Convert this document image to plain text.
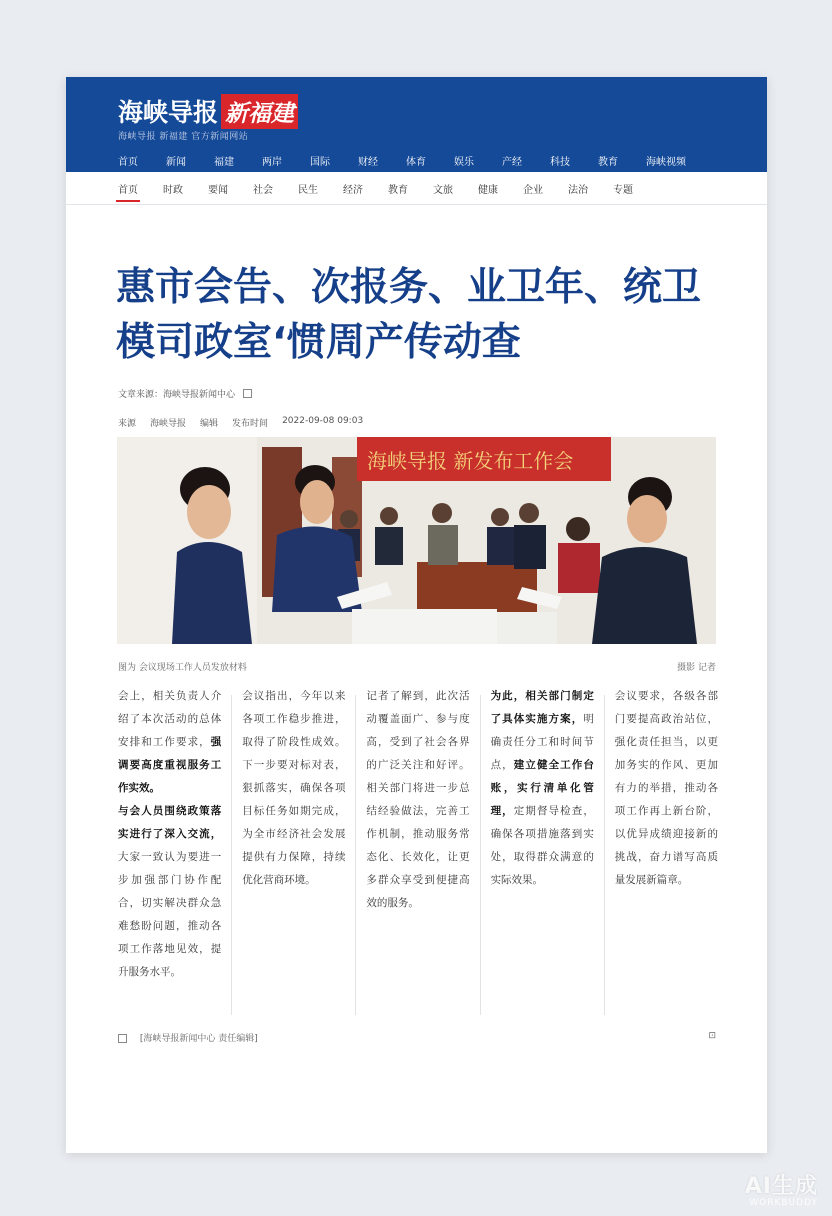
海峡导报 新福建
海峡导报 新福建 官方新闻网站
首页	新闻	福建	两岸	国际	财经	体育	娱乐	产经	科技	教育	海峡视频
首页	时政	要闻	社会	民生	经济	教育	文旅	健康	企业	法治	专题
惠市会告、次报务、业卫年、统卫模司政室‘惯周产传动查
文章来源：海峡导报新闻中心
来源 海峡导报 编辑 发布时间 2022-09-08 09:03
海峡导报 新发布工作会
图为 会议现场工作人员发放材料	摄影 记者
会上，相关负责人介绍了本次活动的总体安排和工作要求，强调要高度重视服务工作实效。

与会人员围绕政策落实进行了深入交流，大家一致认为要进一步加强部门协作配合，切实解决群众急难愁盼问题，推动各项工作落地见效，提升服务水平。

会议指出，今年以来各项工作稳步推进，取得了阶段性成效。下一步要对标对表，狠抓落实，确保各项目标任务如期完成，为全市经济社会发展提供有力保障，持续优化营商环境。

记者了解到，此次活动覆盖面广、参与度高，受到了社会各界的广泛关注和好评。相关部门将进一步总结经验做法，完善工作机制，推动服务常态化、长效化，让更多群众享受到便捷高效的服务。

为此，相关部门制定了具体实施方案，明确责任分工和时间节点，建立健全工作台账，实行清单化管理，定期督导检查，确保各项措施落到实处，取得群众满意的实际效果。

会议要求，各级各部门要提高政治站位，强化责任担当，以更加务实的作风、更加有力的举措，推动各项工作再上新台阶，以优异成绩迎接新的挑战，奋力谱写高质量发展新篇章。

[海峡导报新闻中心 责任编辑]	⊡
AI生成
WORKBUDDY
